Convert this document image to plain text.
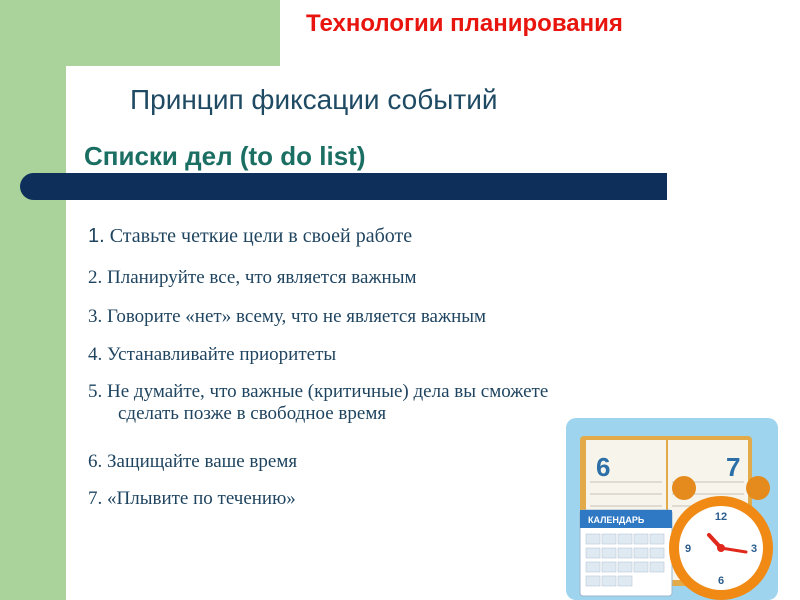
Технологии планирования
Принцип фиксации событий
Списки дел (to do list)
1. Ставьте четкие цели в своей работе
2. Планируйте все, что является важным
3. Говорите «нет» всему, что не является важным
4. Устанавливайте приоритеты
5. Не думайте, что важные (критичные) дела вы сможете
сделать позже в свободное время
6. Защищайте ваше время
7. «Плывите по течению»
6	7
КАЛЕНДАРЬ	12
3
6
9
